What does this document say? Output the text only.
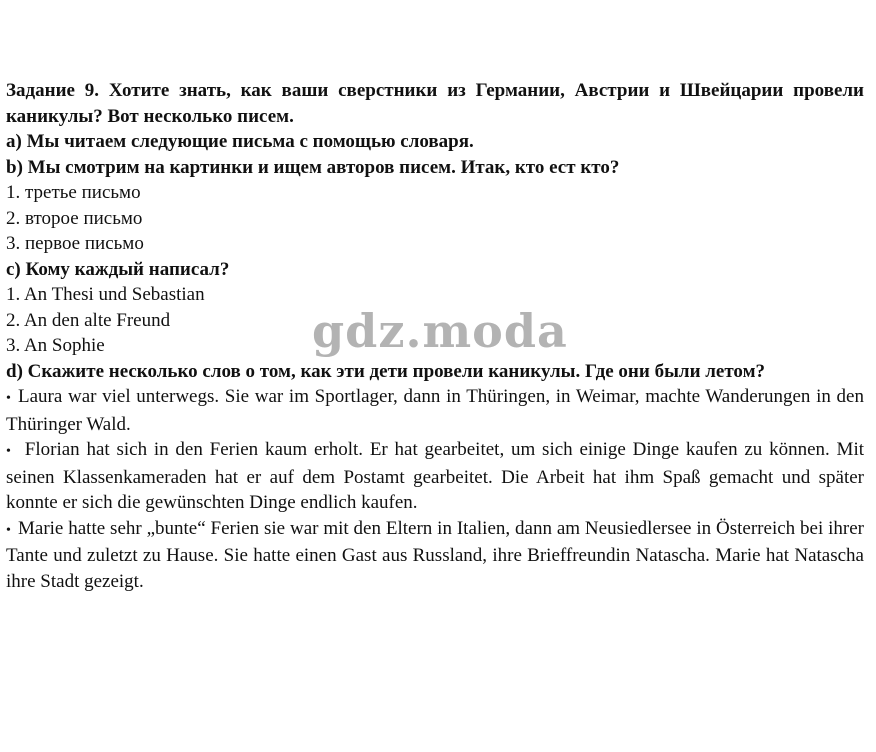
Задание 9. Хотите знать, как ваши сверстники из Германии, Австрии и Швейцарии провели каникулы? Вот несколько писем.
a) Мы читаем следующие письма с помощью словаря.
b) Мы смотрим на картинки и ищем авторов писем. Итак, кто ест кто?
1. третье письмо
2. второе письмо
3. первое письмо
c) Кому каждый написал?
1. An Thesi und Sebastian
2. An den alte Freund
3. An Sophie
d) Скажите несколько слов о том, как эти дети провели каникулы. Где они были летом?
• Laura war viel unterwegs. Sie war im Sportlager, dann in Thüringen, in Weimar, machte Wanderungen in den Thüringer Wald.
• Florian hat sich in den Ferien kaum erholt. Er hat gearbeitet, um sich einige Dinge kaufen zu können. Mit seinen Klassenkameraden hat er auf dem Postamt gearbeitet. Die Arbeit hat ihm Spaß gemacht und später konnte er sich die gewünschten Dinge endlich kaufen.
• Marie hatte sehr „bunte“ Ferien sie war mit den Eltern in Italien, dann am Neusiedlersee in Österreich bei ihrer Tante und zuletzt zu Hause. Sie hatte einen Gast aus Russland, ihre Brieffreundin Natascha. Marie hat Natascha ihre Stadt gezeigt.
gdz.moda
